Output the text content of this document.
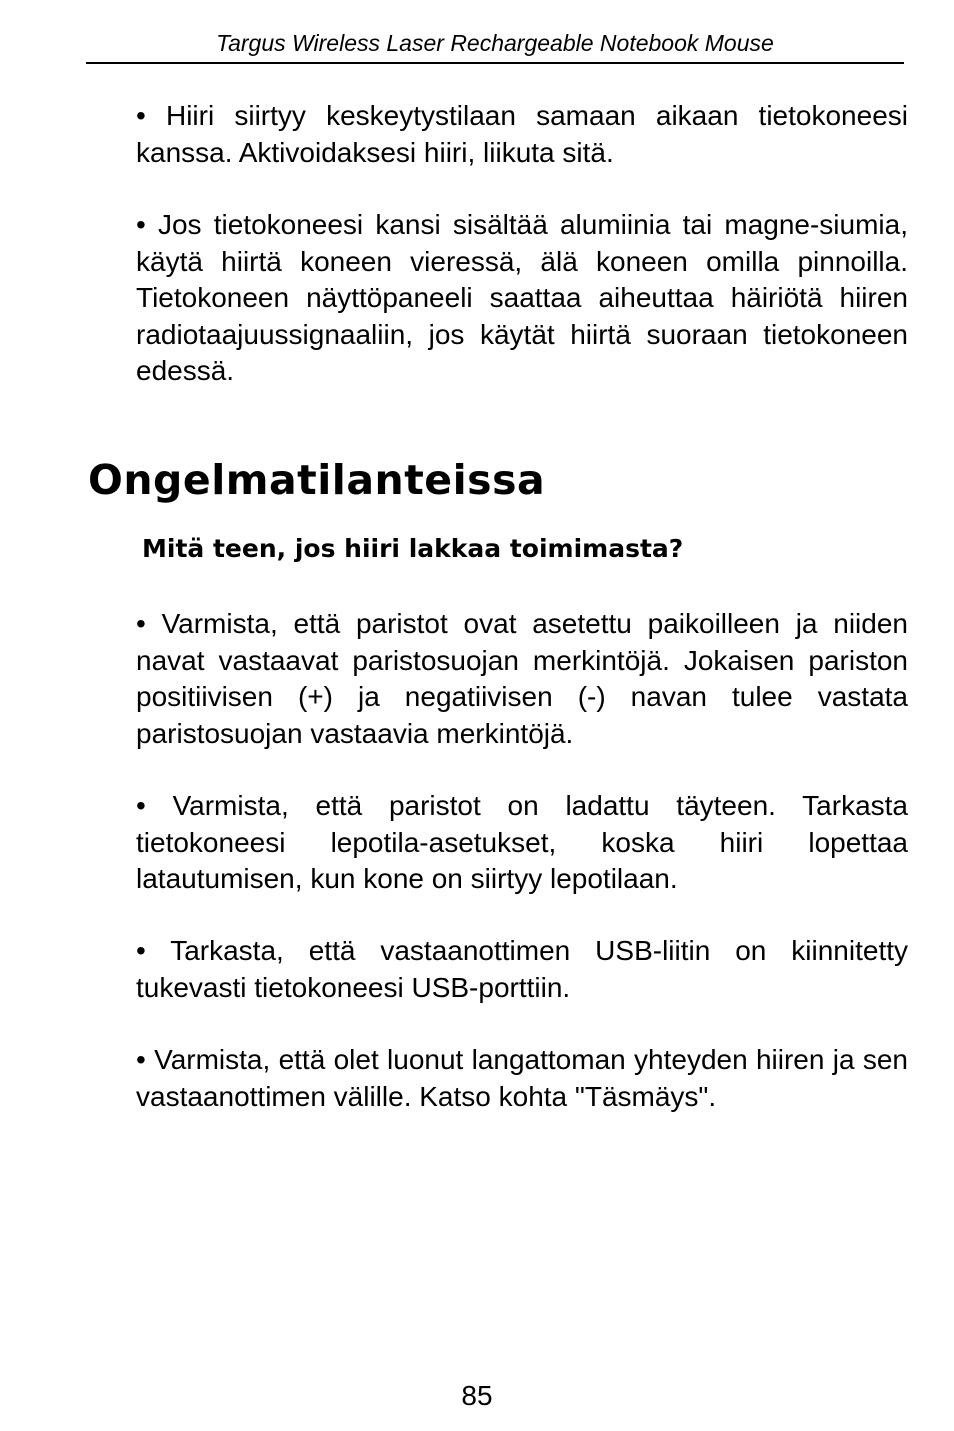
Targus Wireless Laser Rechargeable Notebook Mouse

• Hiiri siirtyy keskeytystilaan samaan aikaan tietokoneesi kanssa. Aktivoidaksesi hiiri, liikuta sitä.

• Jos tietokoneesi kansi sisältää alumiinia tai magne-siumia, käytä hiirtä koneen vieressä, älä koneen omilla pinnoilla. Tietokoneen näyttöpaneeli saattaa aiheuttaa häiriötä hiiren radiotaajuussignaaliin, jos käytät hiirtä suoraan tietokoneen edessä.

Ongelmatilanteissa
Mitä teen, jos hiiri lakkaa toimimasta?

• Varmista, että paristot ovat asetettu paikoilleen ja niiden navat vastaavat paristosuojan merkintöjä. Jokaisen pariston positiivisen (+) ja negatiivisen (-) navan tulee vastata paristosuojan vastaavia merkintöjä.

• Varmista, että paristot on ladattu täyteen. Tarkasta tietokoneesi lepotila-asetukset, koska hiiri lopettaa latautumisen, kun kone on siirtyy lepotilaan.

• Tarkasta, että vastaanottimen USB-liitin on kiinnitetty tukevasti tietokoneesi USB-porttiin.

• Varmista, että olet luonut langattoman yhteyden hiiren ja sen vastaanottimen välille. Katso kohta "Täsmäys".

85
